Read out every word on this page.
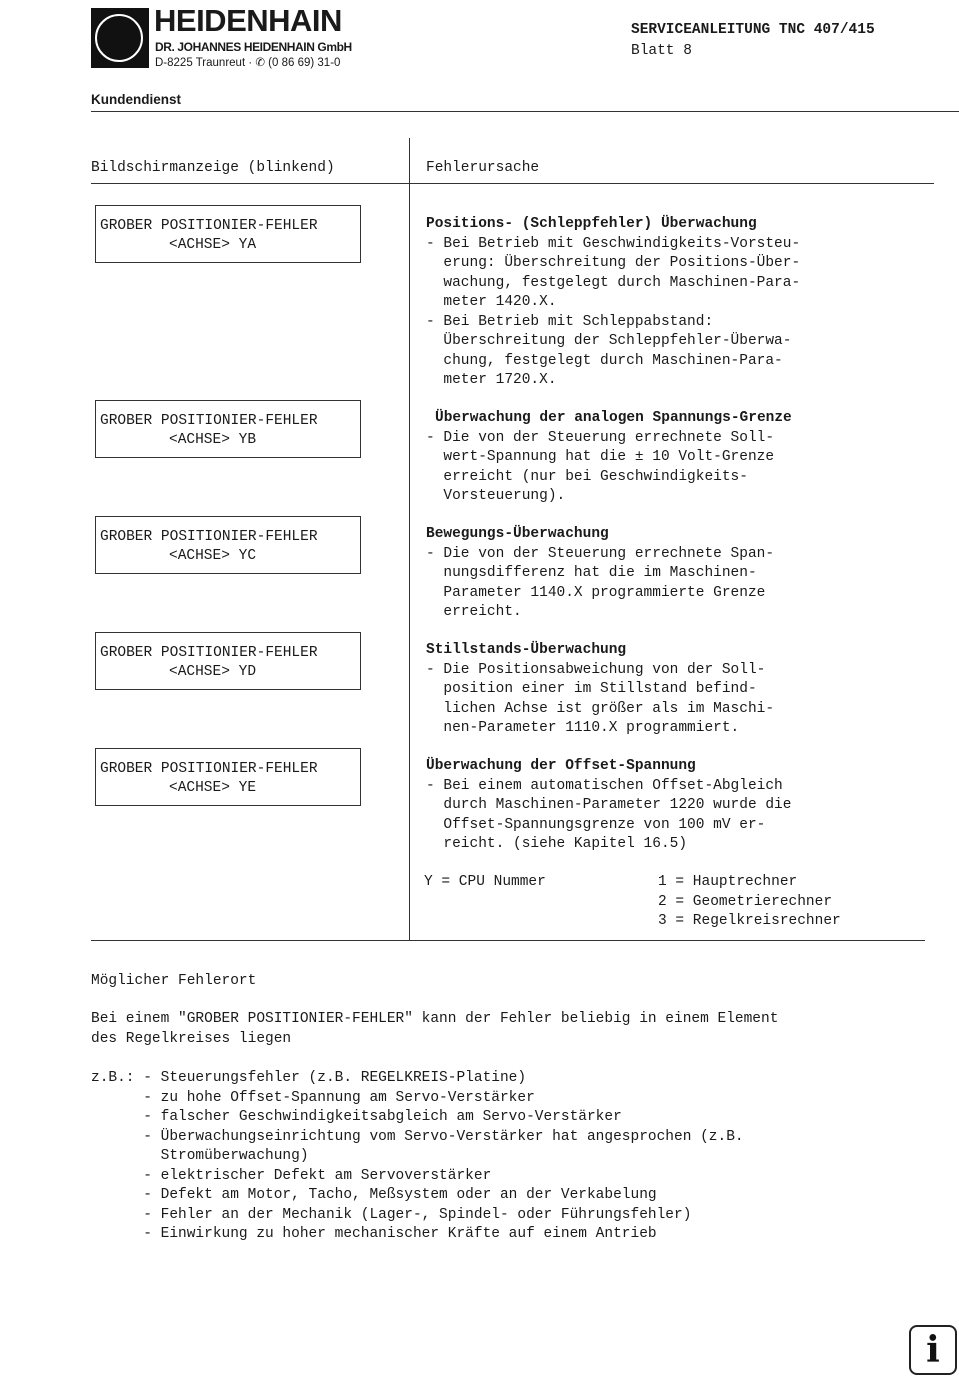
HEIDENHAIN
DR. JOHANNES HEIDENHAIN GmbH
D-8225 Traunreut · ✆ (0 86 69) 31-0
SERVICEANLEITUNG TNC 407/415
Blatt 8
Kundendienst
Bildschirmanzeige (blinkend)	Fehlerursache
GROBER POSITIONIER-FEHLER
<ACHSE> YA
Positions- (Schleppfehler) Überwachung
- Bei Betrieb mit Geschwindigkeits-Vorsteu-
erung: Überschreitung der Positions-Über-
wachung, festgelegt durch Maschinen-Para-
meter 1420.X.
- Bei Betrieb mit Schleppabstand:
Überschreitung der Schleppfehler-Überwa-
chung, festgelegt durch Maschinen-Para-
meter 1720.X.
GROBER POSITIONIER-FEHLER
<ACHSE> YB
Überwachung der analogen Spannungs-Grenze
- Die von der Steuerung errechnete Soll-
wert-Spannung hat die ± 10 Volt-Grenze
erreicht (nur bei Geschwindigkeits-
Vorsteuerung).
GROBER POSITIONIER-FEHLER
<ACHSE> YC
Bewegungs-Überwachung
- Die von der Steuerung errechnete Span-
nungsdifferenz hat die im Maschinen-
Parameter 1140.X programmierte Grenze
erreicht.
GROBER POSITIONIER-FEHLER
<ACHSE> YD
Stillstands-Überwachung
- Die Positionsabweichung von der Soll-
position einer im Stillstand befind-
lichen Achse ist größer als im Maschi-
nen-Parameter 1110.X programmiert.
GROBER POSITIONIER-FEHLER
<ACHSE> YE
Überwachung der Offset-Spannung
- Bei einem automatischen Offset-Abgleich
durch Maschinen-Parameter 1220 wurde die
Offset-Spannungsgrenze von 100 mV er-
reicht. (siehe Kapitel 16.5)
Y = CPU Nummer	1 = Hauptrechner
2 = Geometrierechner
3 = Regelkreisrechner
Möglicher Fehlerort
Bei einem "GROBER POSITIONIER-FEHLER" kann der Fehler beliebig in einem Element
des Regelkreises liegen
z.B.: - Steuerungsfehler (z.B. REGELKREIS-Platine)
- zu hohe Offset-Spannung am Servo-Verstärker
- falscher Geschwindigkeitsabgleich am Servo-Verstärker
- Überwachungseinrichtung vom Servo-Verstärker hat angesprochen (z.B.
Stromüberwachung)
- elektrischer Defekt am Servoverstärker
- Defekt am Motor, Tacho, Meßsystem oder an der Verkabelung
- Fehler an der Mechanik (Lager-, Spindel- oder Führungsfehler)
- Einwirkung zu hoher mechanischer Kräfte auf einem Antrieb
i
